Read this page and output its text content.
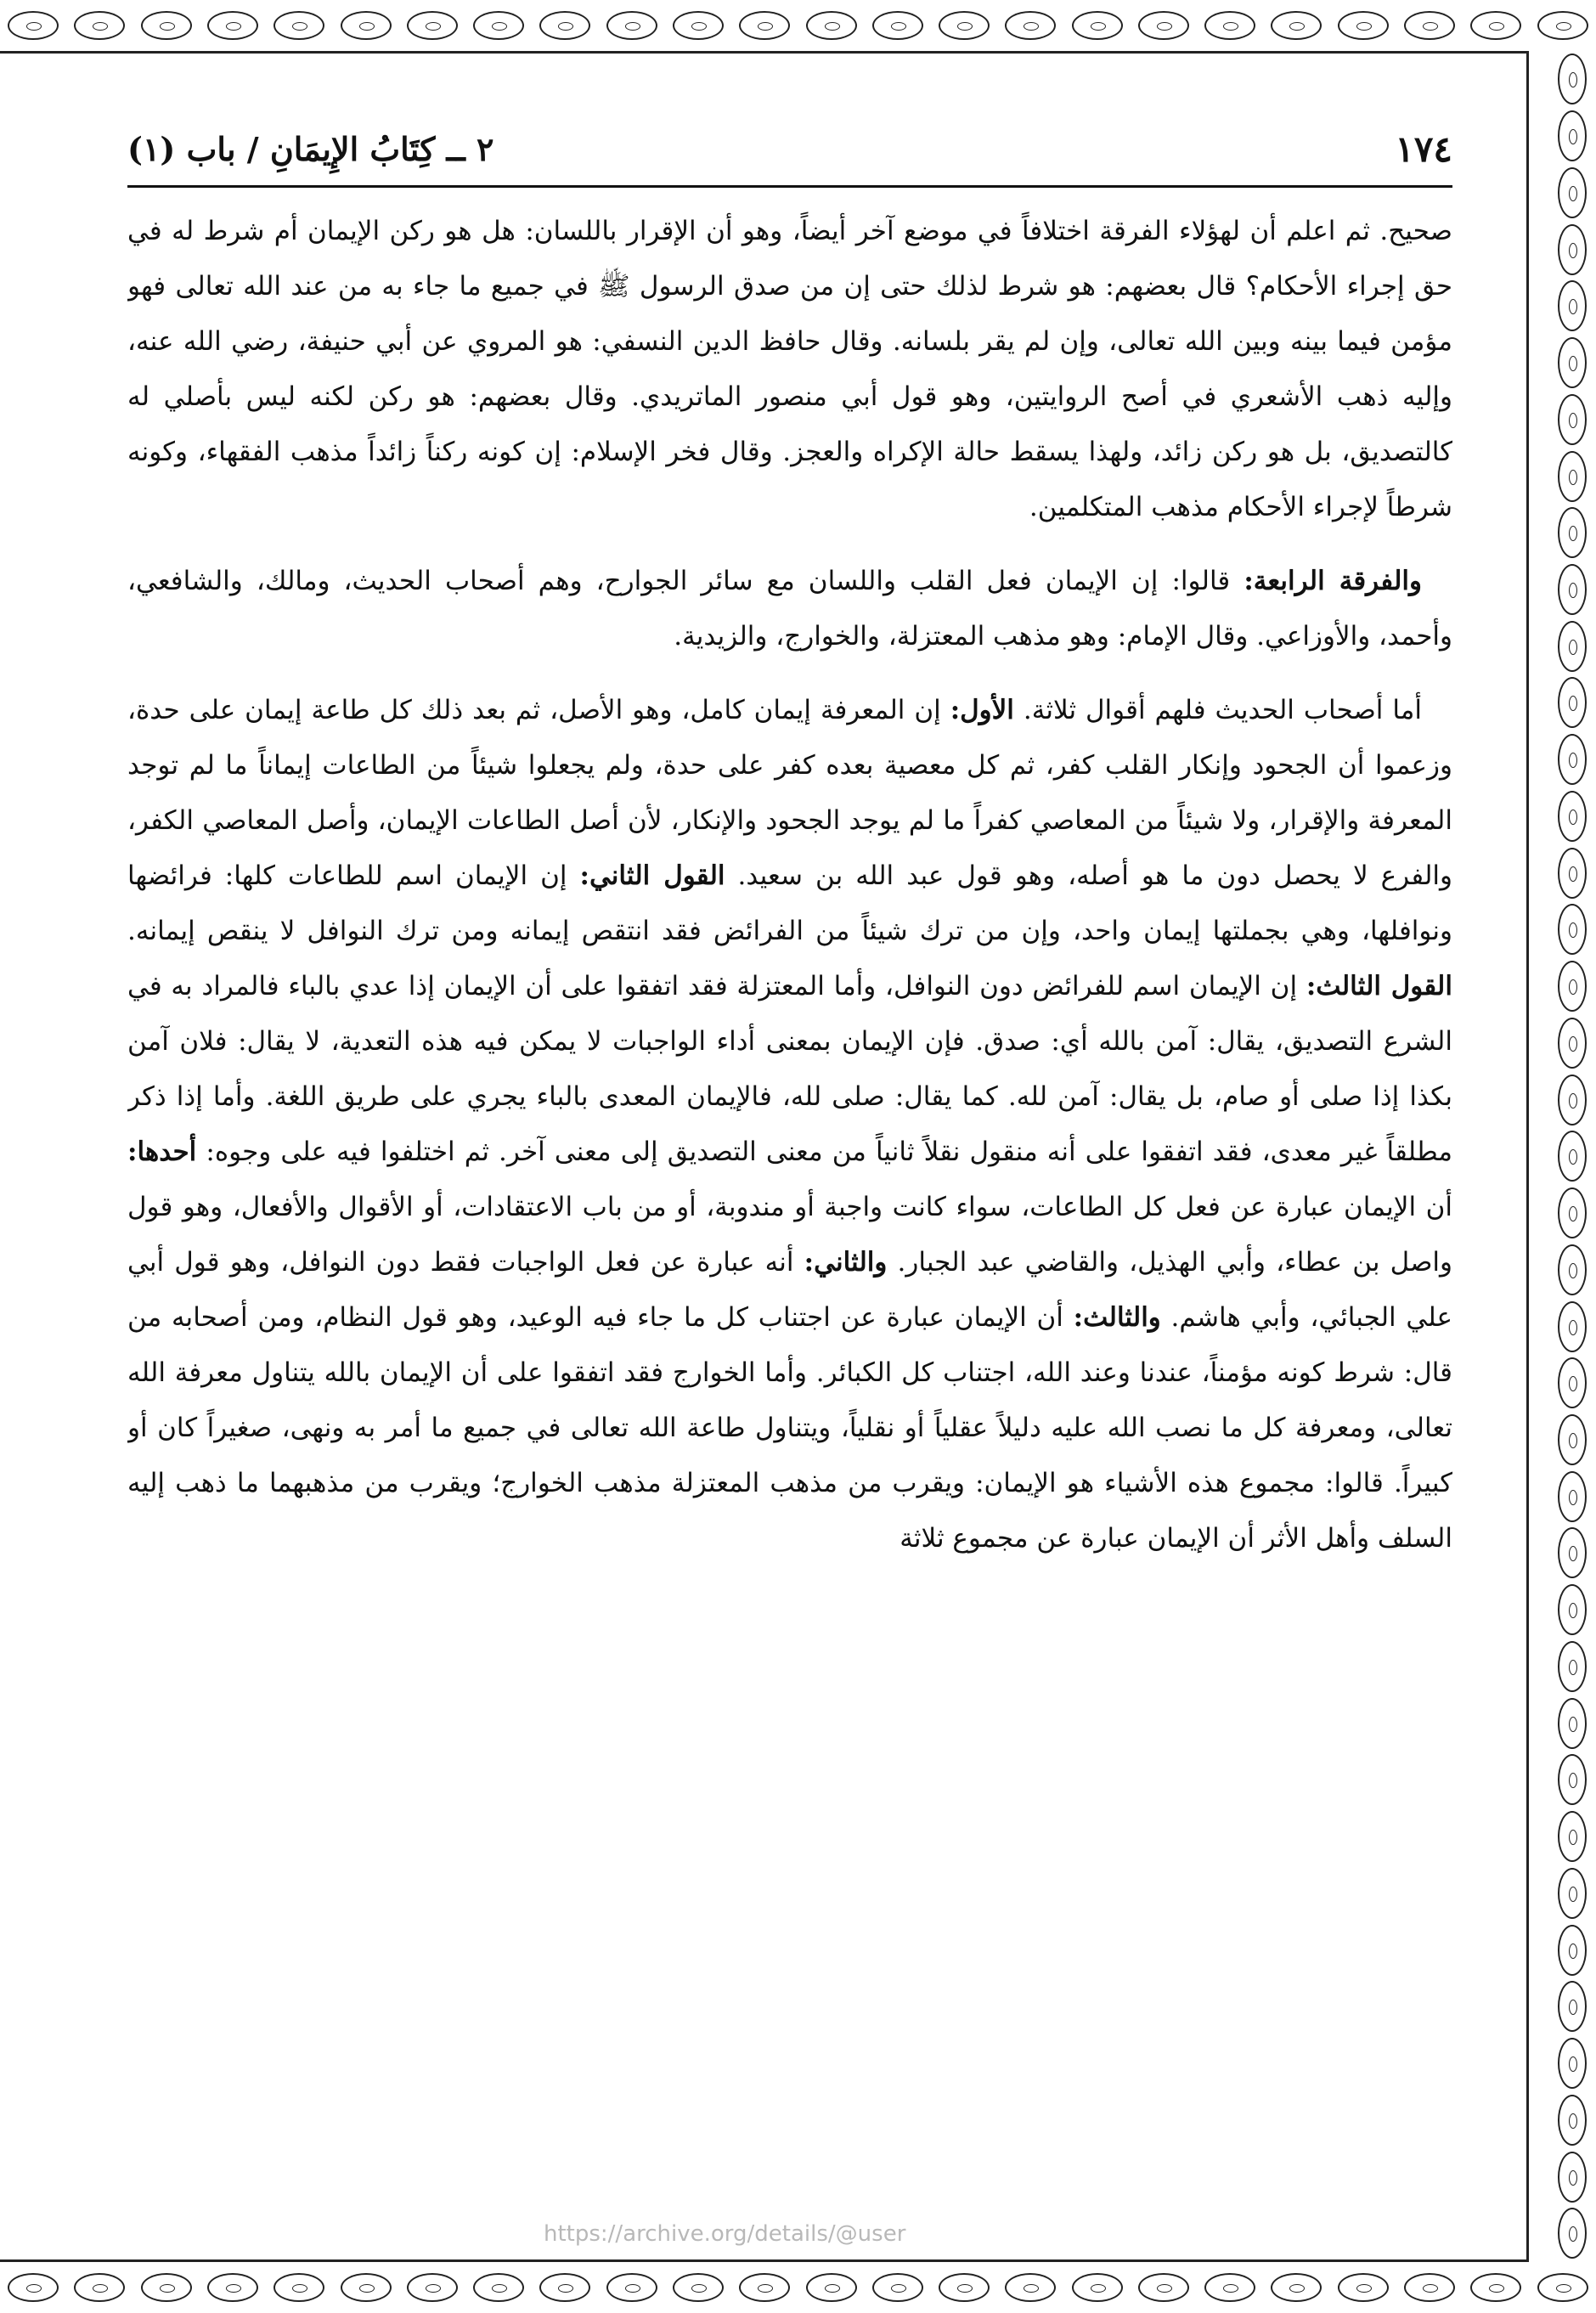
١٧٤
٢ ــ كِتَابُ الإِيمَانِ / باب (١)

صحيح. ثم اعلم أن لهؤلاء الفرقة اختلافاً في موضع آخر أيضاً، وهو أن الإقرار باللسان: هل هو ركن الإيمان أم شرط له في حق إجراء الأحكام؟ قال بعضهم: هو شرط لذلك حتى إن من صدق الرسول ﷺ في جميع ما جاء به من عند الله تعالى فهو مؤمن فيما بينه وبين الله تعالى، وإن لم يقر بلسانه. وقال حافظ الدين النسفي: هو المروي عن أبي حنيفة، رضي الله عنه، وإليه ذهب الأشعري في أصح الروايتين، وهو قول أبي منصور الماتريدي. وقال بعضهم: هو ركن لكنه ليس بأصلي له كالتصديق، بل هو ركن زائد، ولهذا يسقط حالة الإكراه والعجز. وقال فخر الإسلام: إن كونه ركناً زائداً مذهب الفقهاء، وكونه شرطاً لإجراء الأحكام مذهب المتكلمين.

والفرقة الرابعة: قالوا: إن الإيمان فعل القلب واللسان مع سائر الجوارح، وهم أصحاب الحديث، ومالك، والشافعي، وأحمد، والأوزاعي. وقال الإمام: وهو مذهب المعتزلة، والخوارج، والزيدية.

أما أصحاب الحديث فلهم أقوال ثلاثة. الأول: إن المعرفة إيمان كامل، وهو الأصل، ثم بعد ذلك كل طاعة إيمان على حدة، وزعموا أن الجحود وإنكار القلب كفر، ثم كل معصية بعده كفر على حدة، ولم يجعلوا شيئاً من الطاعات إيماناً ما لم توجد المعرفة والإقرار، ولا شيئاً من المعاصي كفراً ما لم يوجد الجحود والإنكار، لأن أصل الطاعات الإيمان، وأصل المعاصي الكفر، والفرع لا يحصل دون ما هو أصله، وهو قول عبد الله بن سعيد. القول الثاني: إن الإيمان اسم للطاعات كلها: فرائضها ونوافلها، وهي بجملتها إيمان واحد، وإن من ترك شيئاً من الفرائض فقد انتقص إيمانه ومن ترك النوافل لا ينقص إيمانه. القول الثالث: إن الإيمان اسم للفرائض دون النوافل، وأما المعتزلة فقد اتفقوا على أن الإيمان إذا عدي بالباء فالمراد به في الشرع التصديق، يقال: آمن بالله أي: صدق. فإن الإيمان بمعنى أداء الواجبات لا يمكن فيه هذه التعدية، لا يقال: فلان آمن بكذا إذا صلى أو صام، بل يقال: آمن لله. كما يقال: صلى لله، فالإيمان المعدى بالباء يجري على طريق اللغة. وأما إذا ذكر مطلقاً غير معدى، فقد اتفقوا على أنه منقول نقلاً ثانياً من معنى التصديق إلى معنى آخر. ثم اختلفوا فيه على وجوه: أحدها: أن الإيمان عبارة عن فعل كل الطاعات، سواء كانت واجبة أو مندوبة، أو من باب الاعتقادات، أو الأقوال والأفعال، وهو قول واصل بن عطاء، وأبي الهذيل، والقاضي عبد الجبار. والثاني: أنه عبارة عن فعل الواجبات فقط دون النوافل، وهو قول أبي علي الجبائي، وأبي هاشم. والثالث: أن الإيمان عبارة عن اجتناب كل ما جاء فيه الوعيد، وهو قول النظام، ومن أصحابه من قال: شرط كونه مؤمناً، عندنا وعند الله، اجتناب كل الكبائر. وأما الخوارج فقد اتفقوا على أن الإيمان بالله يتناول معرفة الله تعالى، ومعرفة كل ما نصب الله عليه دليلاً عقلياً أو نقلياً، ويتناول طاعة الله تعالى في جميع ما أمر به ونهى، صغيراً كان أو كبيراً. قالوا: مجموع هذه الأشياء هو الإيمان: ويقرب من مذهب المعتزلة مذهب الخوارج؛ ويقرب من مذهبهما ما ذهب إليه السلف وأهل الأثر أن الإيمان عبارة عن مجموع ثلاثة

https://archive.org/details/@user
